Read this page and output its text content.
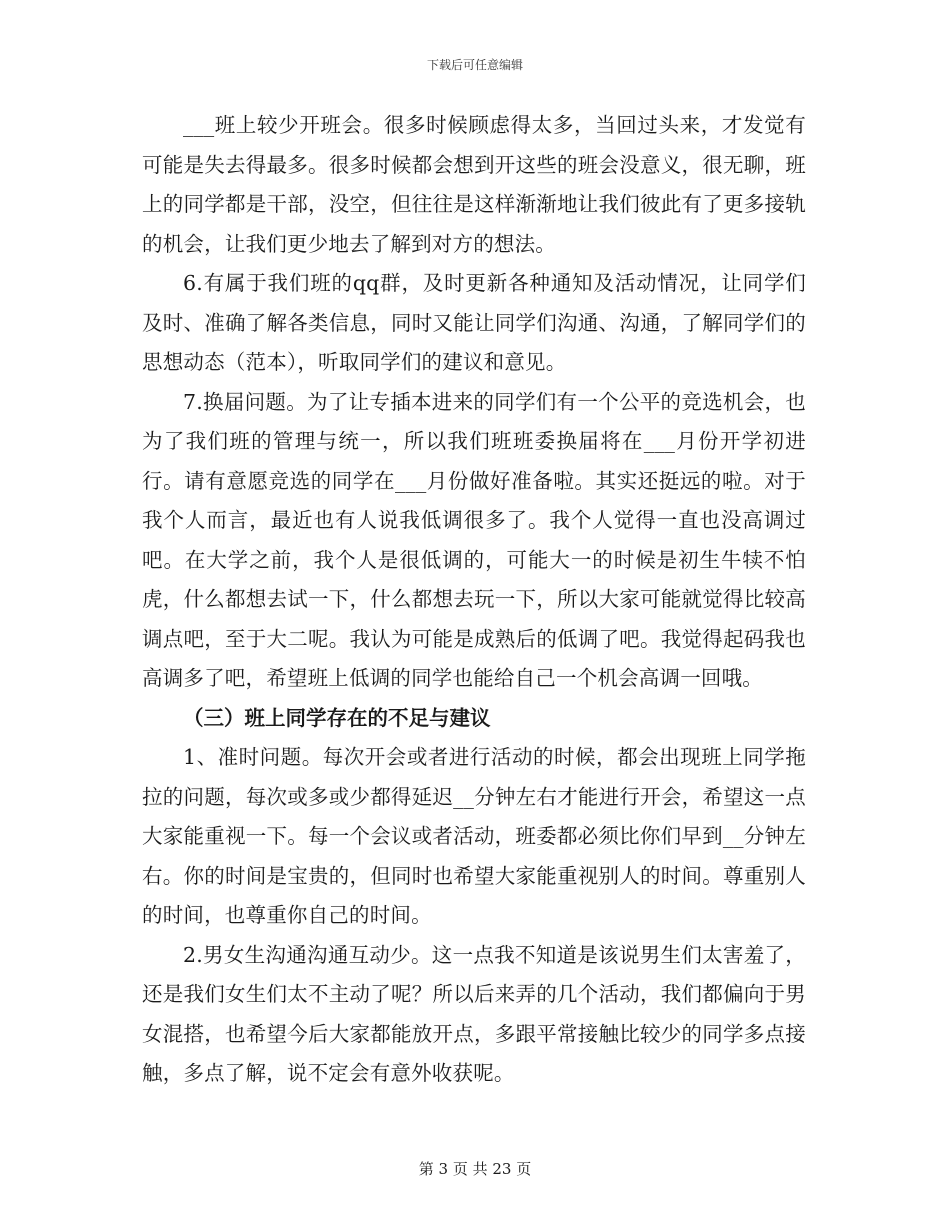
下载后可任意编辑

___班上较少开班会。很多时候顾虑得太多，当回过头来，才发觉有可能是失去得最多。很多时候都会想到开这些的班会没意义，很无聊，班上的同学都是干部，没空，但往往是这样渐渐地让我们彼此有了更多接轨的机会，让我们更少地去了解到对方的想法。

6.有属于我们班的qq群，及时更新各种通知及活动情况，让同学们及时、准确了解各类信息，同时又能让同学们沟通、沟通，了解同学们的思想动态（范本），听取同学们的建议和意见。

7.换届问题。为了让专插本进来的同学们有一个公平的竞选机会，也为了我们班的管理与统一，所以我们班班委换届将在___月份开学初进行。请有意愿竞选的同学在___月份做好准备啦。其实还挺远的啦。对于我个人而言，最近也有人说我低调很多了。我个人觉得一直也没高调过吧。在大学之前，我个人是很低调的，可能大一的时候是初生牛犊不怕虎，什么都想去试一下，什么都想去玩一下，所以大家可能就觉得比较高调点吧，至于大二呢。我认为可能是成熟后的低调了吧。我觉得起码我也高调多了吧，希望班上低调的同学也能给自己一个机会高调一回哦。

（三）班上同学存在的不足与建议

1、准时问题。每次开会或者进行活动的时候，都会出现班上同学拖拉的问题，每次或多或少都得延迟__分钟左右才能进行开会，希望这一点大家能重视一下。每一个会议或者活动，班委都必须比你们早到__分钟左右。你的时间是宝贵的，但同时也希望大家能重视别人的时间。尊重别人的时间，也尊重你自己的时间。

2.男女生沟通沟通互动少。这一点我不知道是该说男生们太害羞了，还是我们女生们太不主动了呢？所以后来弄的几个活动，我们都偏向于男女混搭，也希望今后大家都能放开点，多跟平常接触比较少的同学多点接触，多点了解，说不定会有意外收获呢。

第 3 页 共 23 页
